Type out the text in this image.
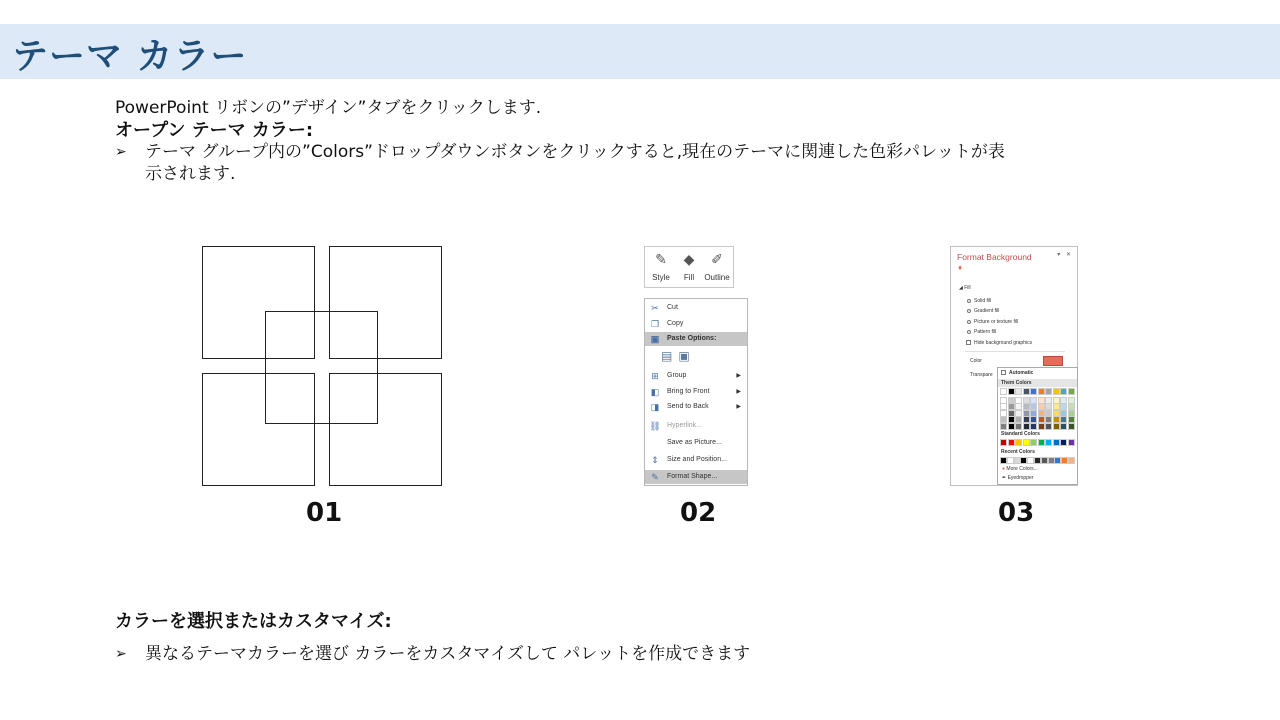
テーマ カラー
PowerPoint リボンの”デザイン”タブをクリックします.
オープン テーマ カラー:
➢ テーマ グループ内の”Colors”ドロップダウンボタンをクリックすると,現在のテーマに関連した色彩パレットが表
示されます.
✎
Style
◆
Fill
✐
Outline
✂	Cut
❐ Copy
▣ Paste Options:
▤▣
⊞	Group	▶
◧ Bring to Front	▶
◨ Send to Back	▶
⛓ Hyperlink...
Save as Picture...
⇕	Size and Position...
✎	Format Shape...
Format Background	▾ ✕
♦
◢ Fill
Solid fill
Gradient fill
Picture or texture fill
Pattern fill
Hide background graphics
Color
Transpare	Automatic
Them Colors
Standard Colors
Recent Colors
● More Colors...
✒ Eyedropper
01	02	03
カラーを選択またはカスタマイズ:
➢ 異なるテーマカラーを選び カラーをカスタマイズして パレットを作成できます
